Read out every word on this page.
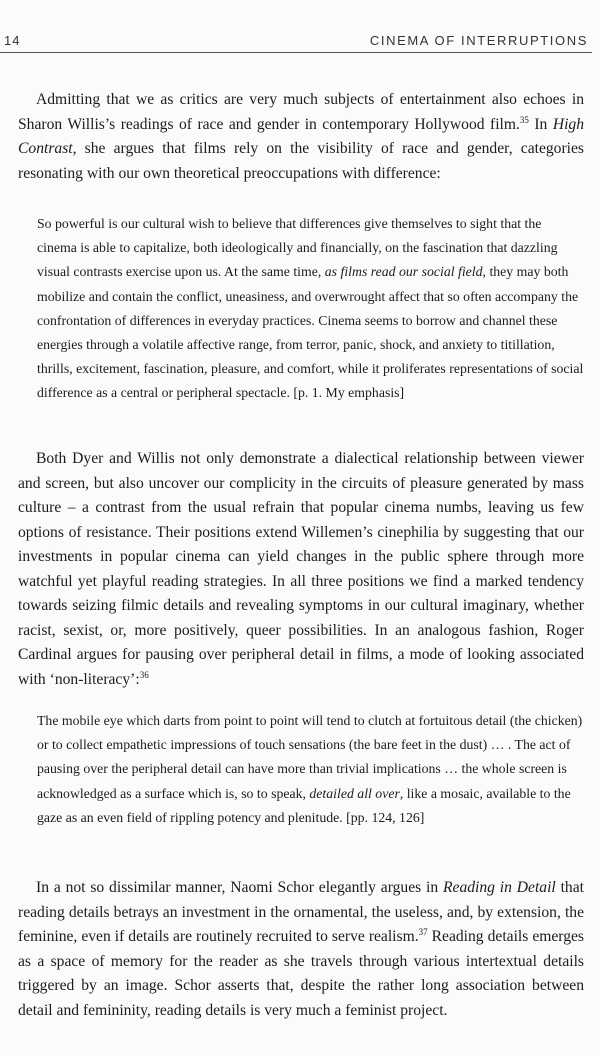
14	CINEMA OF INTERRUPTIONS

Admitting that we as critics are very much subjects of entertainment also echoes in Sharon Willis’s readings of race and gender in contemporary Hollywood film.$^{35}$ In High Contrast, she argues that films rely on the visibility of race and gender, categories resonating with our own theoretical preoccupations with difference:

So powerful is our cultural wish to believe that differences give themselves to sight that the cinema is able to capitalize, both ideologically and financially, on the fascination that dazzling visual contrasts exercise upon us. At the same time, as films read our social field, they may both mobilize and contain the conflict, uneasiness, and overwrought affect that so often accompany the confrontation of differences in everyday practices. Cinema seems to borrow and channel these energies through a volatile affective range, from terror, panic, shock, and anxiety to titillation, thrills, excitement, fascination, pleasure, and comfort, while it proliferates representations of social difference as a central or peripheral spectacle. [p. 1. My emphasis]

Both Dyer and Willis not only demonstrate a dialectical relationship between viewer and screen, but also uncover our complicity in the circuits of pleasure generated by mass culture – a contrast from the usual refrain that popular cinema numbs, leaving us few options of resistance. Their positions extend Willemen’s cinephilia by suggesting that our investments in popular cinema can yield changes in the public sphere through more watchful yet playful reading strategies. In all three positions we find a marked tendency towards seizing filmic details and revealing symptoms in our cultural imaginary, whether racist, sexist, or, more positively, queer possibilities. In an analogous fashion, Roger Cardinal argues for pausing over peripheral detail in films, a mode of looking associated with ‘non-literacy’:$^{36}$

The mobile eye which darts from point to point will tend to clutch at fortuitous detail (the chicken) or to collect empathetic impressions of touch sensations (the bare feet in the dust) … . The act of pausing over the peripheral detail can have more than trivial implications … the whole screen is acknowledged as a surface which is, so to speak, detailed all over, like a mosaic, available to the gaze as an even field of rippling potency and plenitude. [pp. 124, 126]

In a not so dissimilar manner, Naomi Schor elegantly argues in Reading in Detail that reading details betrays an investment in the ornamental, the useless, and, by extension, the feminine, even if details are routinely recruited to serve realism.$^{37}$ Reading details emerges as a space of memory for the reader as she travels through various intertextual details triggered by an image. Schor asserts that, despite the rather long association between detail and femininity, reading details is very much a feminist project.
